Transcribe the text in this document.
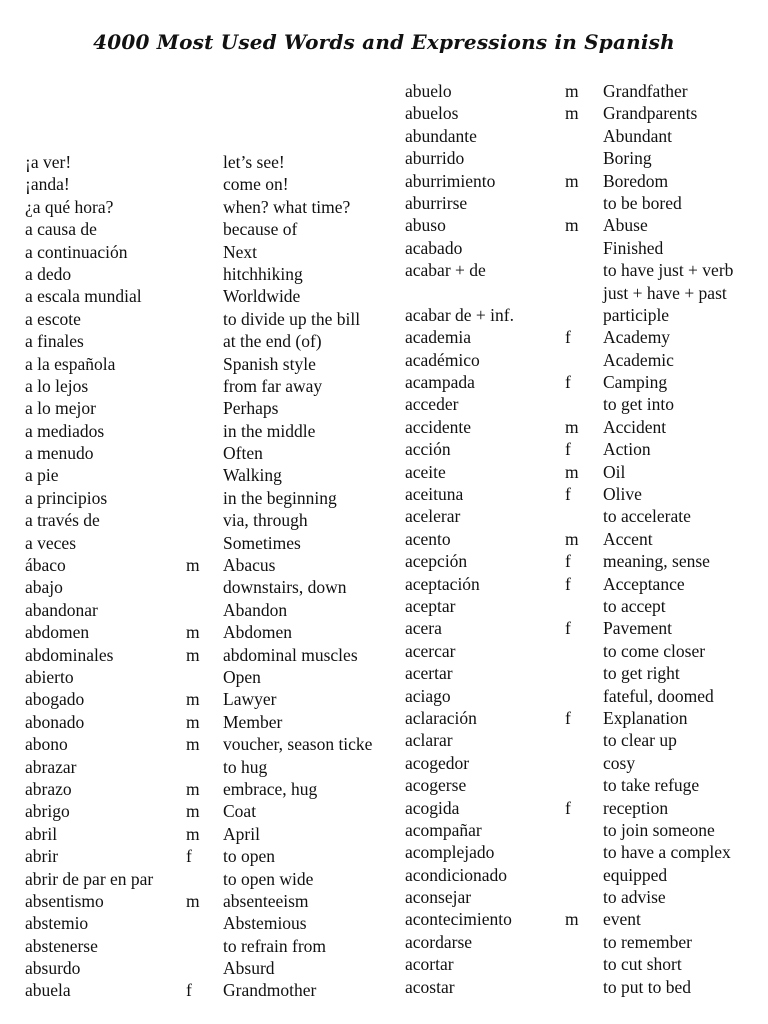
4000 Most Used Words and Expressions in Spanish
¡a ver!	let’s see!
¡anda!	come on!
¿a qué hora?	when? what time?
a causa de	because of
a continuación	Next
a dedo	hitchhiking
a escala mundial	Worldwide
a escote	to divide up the bill
a finales	at the end (of)
a la española	Spanish style
a lo lejos	from far away
a lo mejor	Perhaps
a mediados	in the middle
a menudo	Often
a pie	Walking
a principios	in the beginning
a través de	via, through
a veces	Sometimes
ábaco	m Abacus
abajo	downstairs, down
abandonar	Abandon
abdomen	m Abdomen
abdominales	m abdominal muscles
abierto	Open
abogado	m Lawyer
abonado	m Member
abono	m voucher, season ticke
abrazar	to hug
abrazo	m embrace, hug
abrigo	m Coat
abril	m April
abrir	f to open
abrir de par en par	to open wide
absentismo	m absenteeism
abstemio	Abstemious
abstenerse	to refrain from
absurdo	Absurd
abuela	f Grandmother
abuelo	m Grandfather
abuelos	m Grandparents
abundante	Abundant
aburrido	Boring
aburrimiento	m Boredom
aburrirse	to be bored
abuso	m Abuse
acabado	Finished
acabar + de	to have just + verb
acabar de + inf.
just + have + past
participle
academia	f Academy
académico	Academic
acampada	f Camping
acceder	to get into
accidente	m Accident
acción	f Action
aceite	m Oil
aceituna	f Olive
acelerar	to accelerate
acento	m Accent
acepción	f meaning, sense
aceptación	f Acceptance
aceptar	to accept
acera	f Pavement
acercar	to come closer
acertar	to get right
aciago	fateful, doomed
aclaración	f Explanation
aclarar	to clear up
acogedor	cosy
acogerse	to take refuge
acogida	f reception
acompañar	to join someone
acomplejado	to have a complex
acondicionado	equipped
aconsejar	to advise
acontecimiento	m event
acordarse	to remember
acortar	to cut short
acostar	to put to bed
